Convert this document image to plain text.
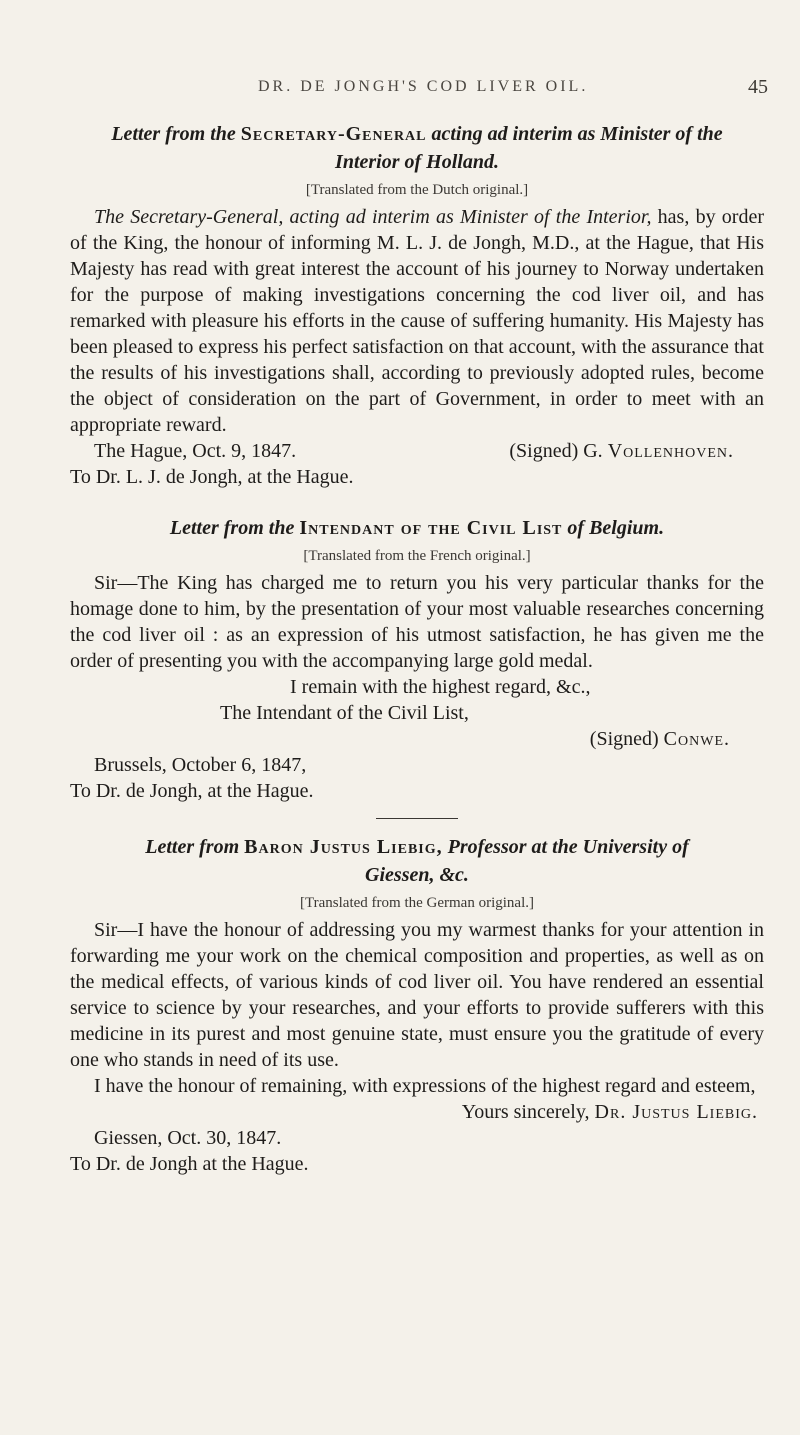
DR. DE JONGH'S COD LIVER OIL.	45
Letter from the Secretary-General acting ad interim as Minister of the Interior of Holland.
[Translated from the Dutch original.]

The Secretary-General, acting ad interim as Minister of the Interior, has, by order of the King, the honour of informing M. L. J. de Jongh, M.D., at the Hague, that His Majesty has read with great interest the account of his journey to Norway undertaken for the purpose of making investigations concerning the cod liver oil, and has remarked with pleasure his efforts in the cause of suffering humanity. His Majesty has been pleased to express his perfect satisfaction on that account, with the assurance that the results of his investigations shall, according to previously adopted rules, become the object of consideration on the part of Government, in order to meet with an appropriate reward.

The Hague, Oct. 9, 1847.	(Signed) G. Vollenhoven.

To Dr. L. J. de Jongh, at the Hague.

Letter from the Intendant of the Civil List of Belgium.
[Translated from the French original.]

Sir—The King has charged me to return you his very particular thanks for the homage done to him, by the presentation of your most valuable researches concerning the cod liver oil : as an expression of his utmost satisfaction, he has given me the order of presenting you with the accompanying large gold medal.

I remain with the highest regard, &c.,

The Intendant of the Civil List,

(Signed) Conwe.

Brussels, October 6, 1847,

To Dr. de Jongh, at the Hague.

Letter from Baron Justus Liebig, Professor at the University of Giessen, &c.
[Translated from the German original.]

Sir—I have the honour of addressing you my warmest thanks for your attention in forwarding me your work on the chemical composition and properties, as well as on the medical effects, of various kinds of cod liver oil. You have rendered an essential service to science by your researches, and your efforts to provide sufferers with this medicine in its purest and most genuine state, must ensure you the gratitude of every one who stands in need of its use.

I have the honour of remaining, with expressions of the highest regard and esteem,

Yours sincerely, Dr. Justus Liebig.

Giessen, Oct. 30, 1847.

To Dr. de Jongh at the Hague.
